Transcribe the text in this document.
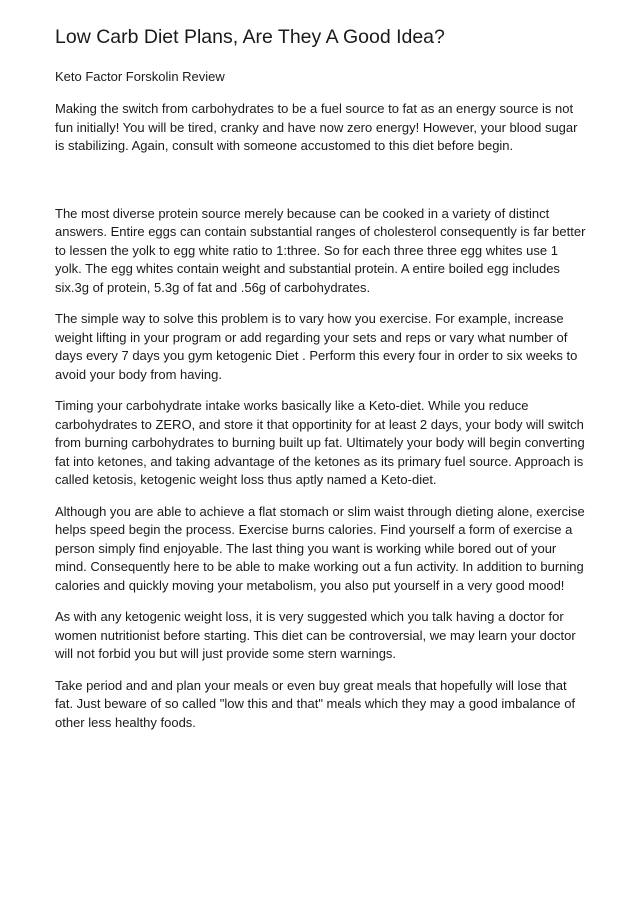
Low Carb Diet Plans, Are They A Good Idea?
Keto Factor Forskolin Review

Making the switch from carbohydrates to be a fuel source to fat as an energy source is not fun initially! You will be tired, cranky and have now zero energy! However, your blood sugar is stabilizing. Again, consult with someone accustomed to this diet before begin.

The most diverse protein source merely because can be cooked in a variety of distinct answers. Entire eggs can contain substantial ranges of cholesterol consequently is far better to lessen the yolk to egg white ratio to 1:three. So for each three three egg whites use 1 yolk. The egg whites contain weight and substantial protein. A entire boiled egg includes six.3g of protein, 5.3g of fat and .56g of carbohydrates.

The simple way to solve this problem is to vary how you exercise. For example, increase weight lifting in your program or add regarding your sets and reps or vary what number of days every 7 days you gym ketogenic Diet . Perform this every four in order to six weeks to avoid your body from having.

Timing your carbohydrate intake works basically like a Keto-diet. While you reduce carbohydrates to ZERO, and store it that opportinity for at least 2 days, your body will switch from burning carbohydrates to burning built up fat. Ultimately your body will begin converting fat into ketones, and taking advantage of the ketones as its primary fuel source. Approach is called ketosis, ketogenic weight loss thus aptly named a Keto-diet.

Although you are able to achieve a flat stomach or slim waist through dieting alone, exercise helps speed begin the process. Exercise burns calories. Find yourself a form of exercise a person simply find enjoyable. The last thing you want is working while bored out of your mind. Consequently here to be able to make working out a fun activity. In addition to burning calories and quickly moving your metabolism, you also put yourself in a very good mood!

As with any ketogenic weight loss, it is very suggested which you talk having a doctor for women nutritionist before starting. This diet can be controversial, we may learn your doctor will not forbid you but will just provide some stern warnings.

Take period and and plan your meals or even buy great meals that hopefully will lose that fat. Just beware of so called "low this and that" meals which they may a good imbalance of other less healthy foods.
